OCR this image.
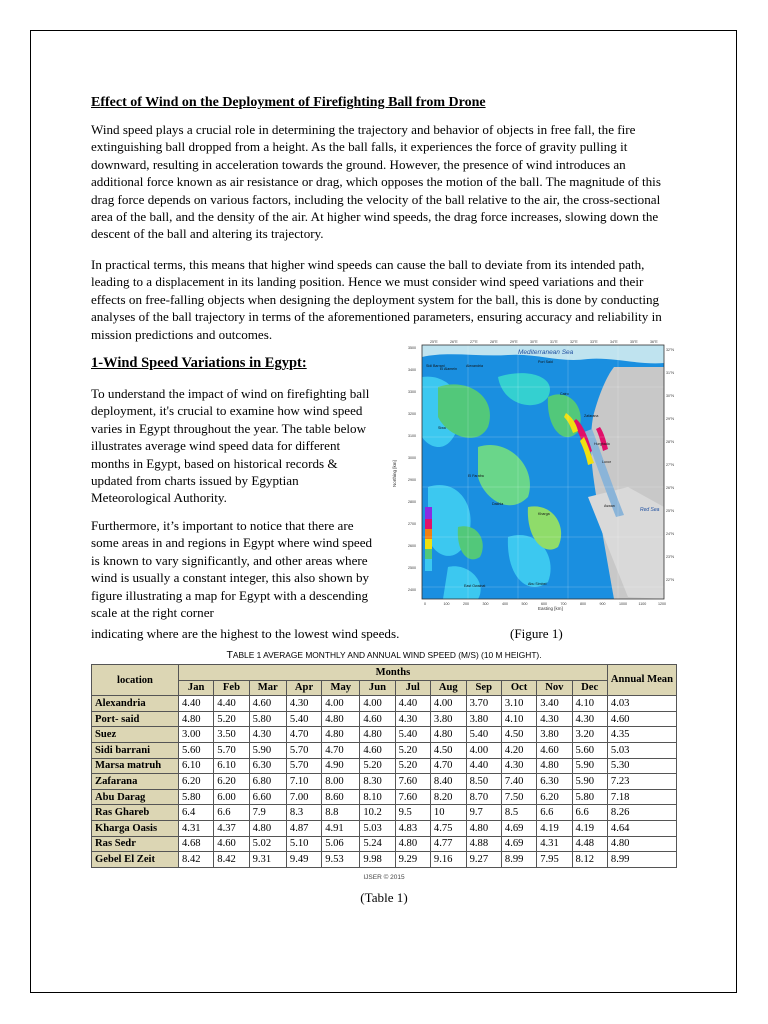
Effect of Wind on the Deployment of Firefighting Ball from Drone

Wind speed plays a crucial role in determining the trajectory and behavior of objects in free fall, the fire extinguishing ball dropped from a height. As the ball falls, it experiences the force of gravity pulling it downward, resulting in acceleration towards the ground. However, the presence of wind introduces an additional force known as air resistance or drag, which opposes the motion of the ball. The magnitude of this drag force depends on various factors, including the velocity of the ball relative to the air, the cross-sectional area of the ball, and the density of the air. At higher wind speeds, the drag force increases, slowing down the descent of the ball and altering its trajectory.

In practical terms, this means that higher wind speeds can cause the ball to deviate from its intended path, leading to a displacement in its landing position. Hence we must consider wind speed variations and their effects on free-falling objects when designing the deployment system for the ball, this is done by conducting analyses of the ball trajectory in terms of the aforementioned parameters, ensuring accuracy and reliability in mission predictions and outcomes.

1-Wind Speed Variations in Egypt:

To understand the impact of wind on firefighting ball deployment, it's crucial to examine how wind speed varies in Egypt throughout the year. The table below illustrates average wind speed data for different months in Egypt, based on historical records & updated from charts issued by Egyptian Meteorological Authority.

Furthermore, it’s important to notice that there are some areas in and regions in Egypt where wind speed is known to vary significantly, and other areas where wind is usually a constant integer, this also shown by figure illustrating a map for Egypt with a descending scale at the right corner

indicating where are the highest to the lowest wind speeds.	(Figure 1)
Mediterranean Sea
Red Sea
Easting [km]
Northing [km]
25°E	26°E	27°E	28°E	29°E	30°E	31°E	32°E	33°E	34°E	35°E	36°E
32°N
31°N
30°N
29°N
28°N
27°N
26°N
25°N
24°N
23°N
22°N
3500
3400
3300
3200
3100
3000
2900
2800
2700
2600
2500
2400
0	100	200	300	400	500	600	700	800	900	1000	1100	1200
Sidi Barrani
El Alamein
Alexandria
Port Said
Siwa
Cairo
Zafarana
El Farafra
Hurghada
Dakhla
Kharga
Luxor
Aswan
East Owainat	Abu Simbel
TABLE 1 AVERAGE MONTHLY AND ANNUAL WIND SPEED (M/S) (10 M HEIGHT).
location	Months												Annual Mean
	Jan	Feb	Mar	Apr	May	Jun	Jul	Aug	Sep	Oct	Nov	Dec	
Alexandria	4.40	4.40	4.60	4.30	4.00	4.00	4.40	4.00	3.70	3.10	3.40	4.10	4.03
Port- said	4.80	5.20	5.80	5.40	4.80	4.60	4.30	3.80	3.80	4.10	4.30	4.30	4.60
Suez	3.00	3.50	4.30	4.70	4.80	4.80	5.40	4.80	5.40	4.50	3.80	3.20	4.35
Sidi barrani	5.60	5.70	5.90	5.70	4.70	4.60	5.20	4.50	4.00	4.20	4.60	5.60	5.03
Marsa matruh	6.10	6.10	6.30	5.70	4.90	5.20	5.20	4.70	4.40	4.30	4.80	5.90	5.30
Zafarana	6.20	6.20	6.80	7.10	8.00	8.30	7.60	8.40	8.50	7.40	6.30	5.90	7.23
Abu Darag	5.80	6.00	6.60	7.00	8.60	8.10	7.60	8.20	8.70	7.50	6.20	5.80	7.18
Ras Ghareb	6.4	6.6	7.9	8.3	8.8	10.2	9.5	10	9.7	8.5	6.6	6.6	8.26
Kharga Oasis	4.31	4.37	4.80	4.87	4.91	5.03	4.83	4.75	4.80	4.69	4.19	4.19	4.64
Ras Sedr	4.68	4.60	5.02	5.10	5.06	5.24	4.80	4.77	4.88	4.69	4.31	4.48	4.80
Gebel El Zeit	8.42	8.42	9.31	9.49	9.53	9.98	9.29	9.16	9.27	8.99	7.95	8.12	8.99
IJSER © 2015
(Table 1)
